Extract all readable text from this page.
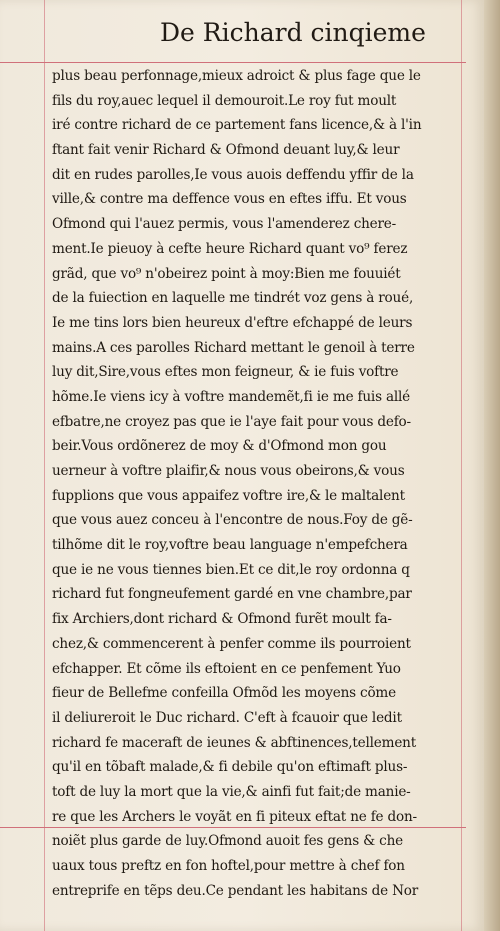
De Richard cinqieme
plus beau perfonnage,mieux adroict & plus fage que le
fils du roy,auec lequel il demouroit.Le roy fut moult
iré contre richard de ce partement fans licence,& à l'in
ftant fait venir Richard & Ofmond deuant luy,& leur
dit en rudes parolles,Ie vous auois deffendu yffir de la
ville,& contre ma deffence vous en eftes iffu. Et vous
Ofmond qui l'auez permis, vous l'amenderez chere-
ment.Ie pieuoy à cefte heure Richard quant vo⁹ ferez
grãd, que vo⁹ n'obeirez point à moy:Bien me fouuiét
de la fuiection en laquelle me tindrét voz gens à roué,
Ie me tins lors bien heureux d'eftre efchappé de leurs
mains.A ces parolles Richard mettant le genoil à terre
luy dit,Sire,vous eftes mon feigneur, & ie fuis voftre
hõme.Ie viens icy à voftre mandemẽt,fi ie me fuis allé
efbatre,ne croyez pas que ie l'aye fait pour vous defo-
beir.Vous ordõnerez de moy & d'Ofmond mon gou
uerneur à voftre plaifir,& nous vous obeirons,& vous
fupplions que vous appaifez voftre ire,& le maltalent
que vous auez conceu à l'encontre de nous.Foy de gẽ-
tilhõme dit le roy,voftre beau language n'empefchera
que ie ne vous tiennes bien.Et ce dit,le roy ordonna q
richard fut fongneufement gardé en vne chambre,par
fix Archiers,dont richard & Ofmond furẽt moult fa-
chez,& commencerent à penfer comme ils pourroient
efchapper. Et cõme ils eftoient en ce penfement Yuo
fieur de Bellefme confeilla Ofmõd les moyens cõme
il deliureroit le Duc richard. C'eft à fcauoir que ledit
richard fe maceraft de ieunes & abftinences,tellement
qu'il en tõbaft malade,& fi debile qu'on eftimaft plus-
toft de luy la mort que la vie,& ainfi fut fait;de manie-
re que les Archers le voyãt en fi piteux eftat ne fe don-
noiẽt plus garde de luy.Ofmond auoit fes gens & che
uaux tous preftz en fon hoftel,pour mettre à chef fon
entreprife en tẽps deu.Ce pendant les habitans de Nor
